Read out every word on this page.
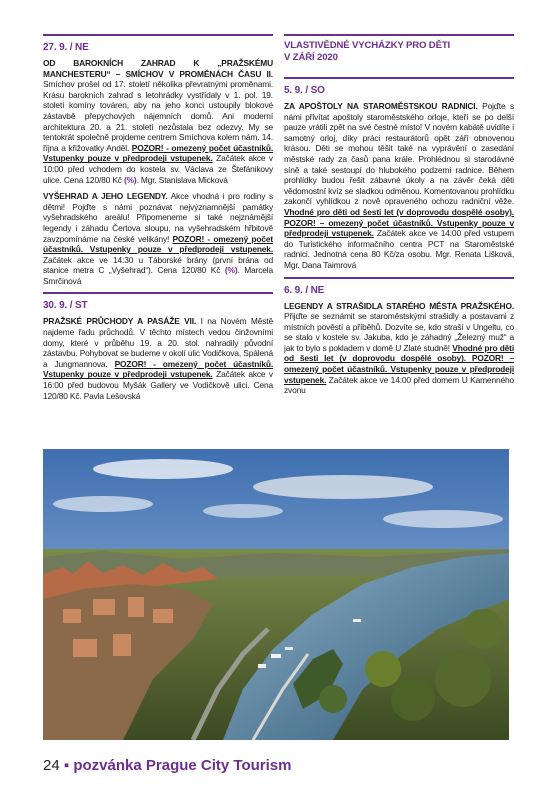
27. 9. / NE

OD BAROKNÍCH ZAHRAD K „PRAŽSKÉMU MANCHESTERU“ – SMÍCHOV V PROMĚNÁCH ČASU II. Smíchov prošel od 17. století několika převratnými proměnami. Krásu barokních zahrad s letohrádky vystřídaly v 1. pol. 19. století komíny továren, aby na jeho konci ustoupily blokové zástavbě přepychových nájemních domů. Ani moderní architektura 20. a 21. století nezůstala bez odezvy. My se tentokrát společně projdeme centrem Smíchova kolem nám. 14. října a křižovatky Anděl. POZOR! - omezený počet účastníků. Vstupenky pouze v předprodeji vstupenek. Začátek akce v 10:00 před vchodem do kostela sv. Václava ze Štefánikovy ulice. Cena 120/80 Kč (%). Mgr. Stanislava Micková

VYŠEHRAD A JEHO LEGENDY. Akce vhodná i pro rodiny s dětmi! Pojďte s námi poznávat nejvýznamnější památky vyšehradského areálu! Připomeneme si také nejznámější legendy i záhadu Čertova sloupu, na vyšehradském hřbitově zavzpomínáme na české velikány! POZOR! - omezený počet účastníků. Vstupenky pouze v předprodeji vstupenek. Začátek akce ve 14:30 u Táborské brány (první brána od stanice metra C „Vyšehrad“). Cena 120/80 Kč (%). Marcela Smrčinová

30. 9. / ST

PRAŽSKÉ PRŮCHODY A PASÁŽE VII. I na Novém Městě najdeme řadu průchodů. V těchto místech vedou činžovními domy, které v průběhu 19. a 20. stol. nahradily původní zástavbu. Pohybovat se budeme v okolí ulic Vodičkova, Spálená a Jungmannova. POZOR! - omezený počet účastníků. Vstupenky pouze v předprodeji vstupenek. Začátek akce v 16:00 před budovou Myšák Gallery ve Vodičkově ulici. Cena 120/80 Kč. Pavla Lešovská

VLASTIVĚDNÉ VYCHÁZKY PRO DĚTI
V ZÁŘÍ 2020
5. 9. / SO

ZA APOŠTOLY NA STAROMĚSTSKOU RADNICI. Pojďte s námi přivítat apoštoly staroměstského orloje, kteří se po delší pauze vrátili zpět na své čestné místo! V novém kabátě uvidíte i samotný orloj, díky práci restaurátorů opět září obnovenou krásou. Děti se mohou těšit také na vyprávění o zasedání městské rady za časů pana krále. Prohlédnou si starodávné síně a také sestoupí do hlubokého podzemí radnice. Během prohlídky budou řešit zábavné úkoly a na závěr čeká děti vědomostní kvíz se sladkou odměnou. Komentovanou prohlídku zakončí vyhlídkou z nově opraveného ochozu radniční věže. Vhodné pro děti od šesti let (v doprovodu dospělé osoby). POZOR! – omezený počet účastníků. Vstupenky pouze v předprodeji vstupenek. Začátek akce ve 14:00 před vstupem do Turistického informačního centra PCT na Staroměstské radnici. Jednotná cena 80 Kč/za osobu. Mgr. Renata Lišková, Mgr. Dana Taimrová

6. 9. / NE

LEGENDY A STRAŠIDLA STARÉHO MĚSTA PRAŽSKÉHO. Přijďte se seznámit se staroměstskými strašidly a postavami z místních pověstí a příběhů. Dozvíte se, kdo straší v Ungeltu, co se stalo v kostele sv. Jakuba, kdo je záhadný „Železný muž“ a jak to bylo s pokladem v domě U Zlaté studně! Vhodné pro děti od šesti let (v doprovodu dospělé osoby). POZOR! – omezený počet účastníků. Vstupenky pouze v předprodeji vstupenek. Začátek akce ve 14:00 před domem U Kamenného zvonu

24 ▪ pozvánka Prague City Tourism
